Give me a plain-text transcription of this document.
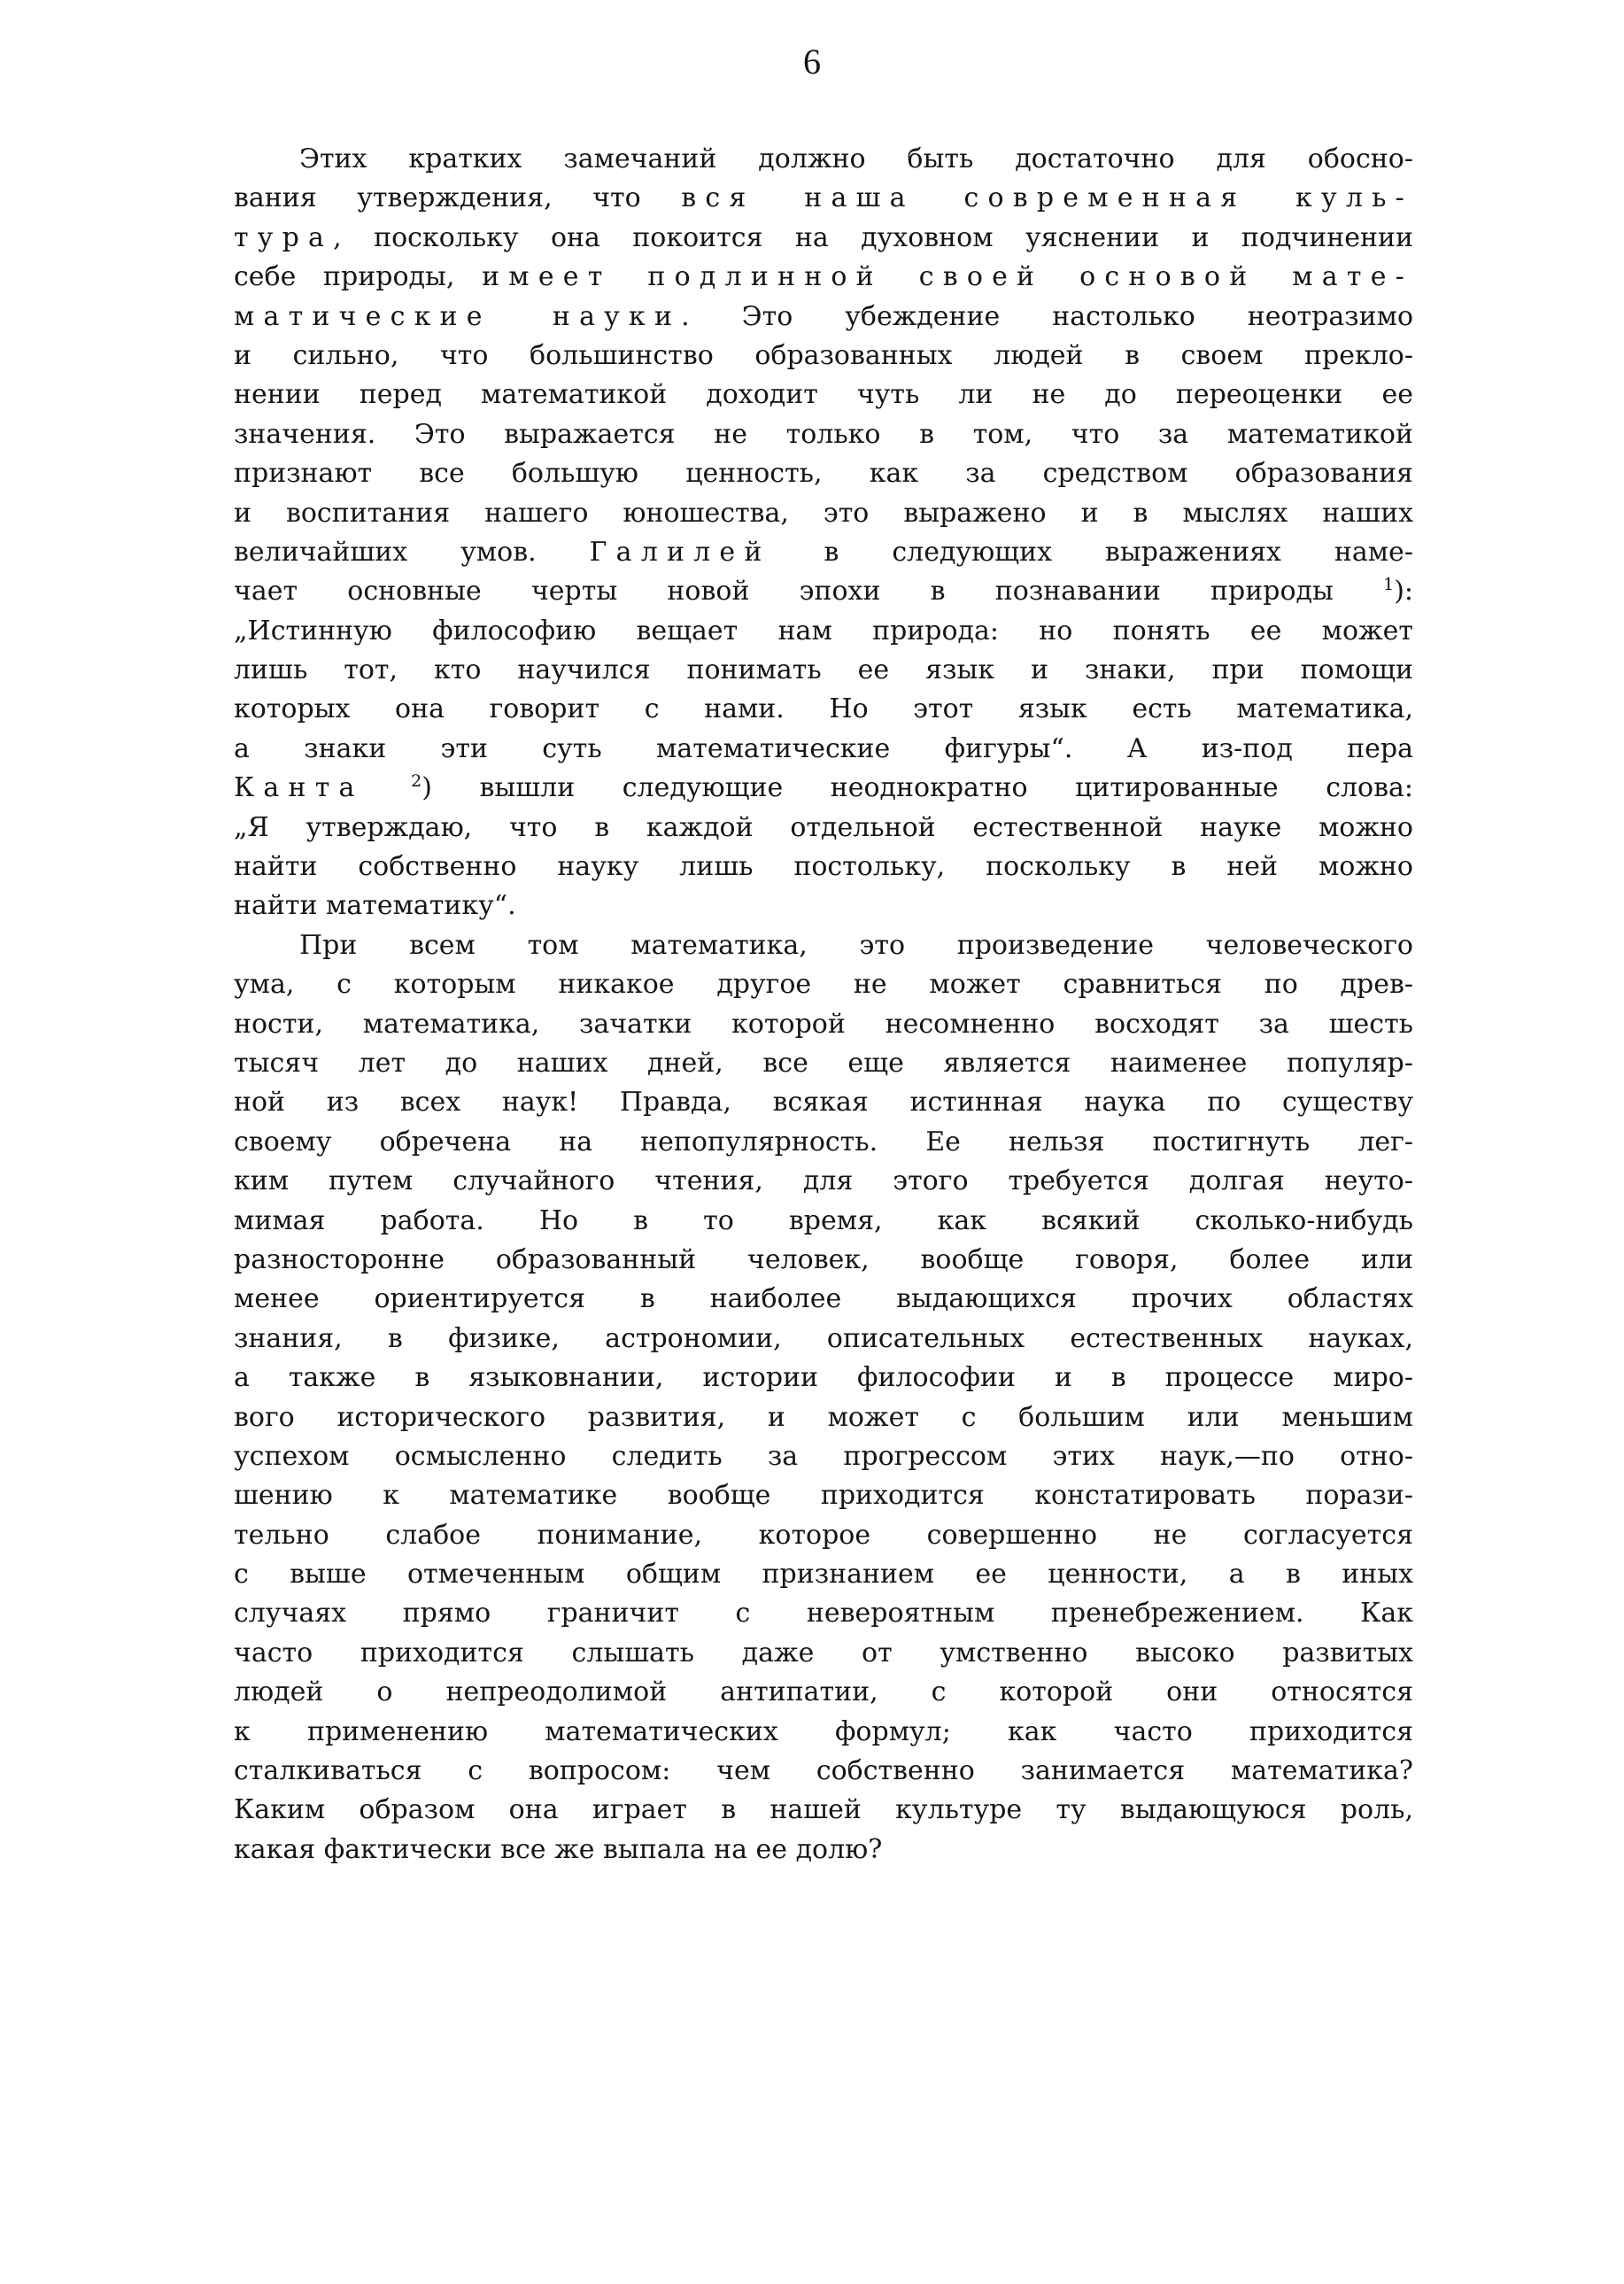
6
Этих кратких замечаний должно быть достаточно для обосно-
вания утверждения, что вся наша современная куль-
тура, поскольку она покоится на духовном уяснении и подчинении
себе природы, имеет подлинной своей основой мате-
матические науки. Это убеждение настолько неотразимо
и сильно, что большинство образованных людей в своем прекло-
нении перед математикой доходит чуть ли не до переоценки ее
значения. Это выражается не только в том, что за математикой
признают все большую ценность, как за средством образования
и воспитания нашего юношества, это выражено и в мыслях наших
величайших умов. Галилей в следующих выражениях наме-
чает основные черты новой эпохи в познавании природы $^1$):
„Истинную философию вещает нам природа: но понять ее может
лишь тот, кто научился понимать ее язык и знаки, при помощи
которых она говорит с нами. Но этот язык есть математика,
а знаки эти суть математические фигуры“. А из-под пера
Канта	$^2$) вышли следующие неоднократно цитированные слова:
„Я утверждаю, что в каждой отдельной естественной науке можно
найти собственно науку лишь постольку, поскольку в ней можно
найти математику“.
При всем том математика, это произведение человеческого
ума, с которым никакое другое не может сравниться по древ-
ности, математика, зачатки которой несомненно восходят за шесть
тысяч лет до наших дней, все еще является наименее популяр-
ной из всех наук! Правда, всякая истинная наука по существу
своему обречена на непопулярность. Ее нельзя постигнуть лег-
ким путем случайного чтения, для этого требуется долгая неуто-
мимая работа. Но в то время, как всякий сколько-нибудь
разносторонне образованный человек, вообще говоря, более или
менее ориентируется в наиболее выдающихся прочих областях
знания, в физике, астрономии, описательных естественных науках,
а также в языковнании, истории философии и в процессе миро-
вого исторического развития, и может с большим или меньшим
успехом осмысленно следить за прогрессом этих наук,—по отно-
шению к математике вообще приходится констатировать порази-
тельно слабое понимание, которое совершенно не согласуется
с выше отмеченным общим признанием ее ценности, а в иных
случаях прямо граничит с невероятным пренебрежением. Как
часто приходится слышать даже от умственно высоко развитых
людей о непреодолимой антипатии, с которой они относятся
к применению математических формул; как часто приходится
сталкиваться с вопросом: чем собственно занимается математика?
Каким образом она играет в нашей культуре ту выдающуюся роль,
какая фактически все же выпала на ее долю?
